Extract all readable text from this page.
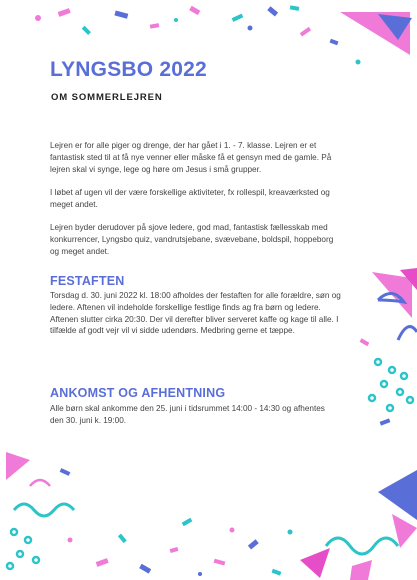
LYNGSBO 2022

OM SOMMERLEJREN

Lejren er for alle piger og drenge, der har gået i 1. - 7. klasse. Lejren er et fantastisk sted til at få nye venner eller måske få et gensyn med de gamle. På lejren skal vi synge, lege og høre om Jesus i små grupper.

I løbet af ugen vil der være forskellige aktiviteter, fx rollespil, kreaværksted og meget andet.

Lejren byder derudover på sjove ledere, god mad, fantastisk fællesskab med konkurrencer, Lyngsbo quiz, vandrutsjebane, svævebane, boldspil, hoppeborg og meget andet.

FESTAFTEN

Torsdag d. 30. juni 2022 kl. 18:00 afholdes der festaften for alle forældre, søn og ledere. Aftenen vil indeholde forskellige festlige finds ag fra børn og ledere. Aftenen slutter cirka 20:30. Der vil derefter bliver serveret kaffe og kage til alle. I tilfælde af godt vejr vil vi sidde udendørs. Medbring gerne et tæppe.

ANKOMST OG AFHENTNING

Alle børn skal ankomme den 25. juni i tidsrummet 14:00 - 14:30 og afhentes den 30. juni k. 19:00.
